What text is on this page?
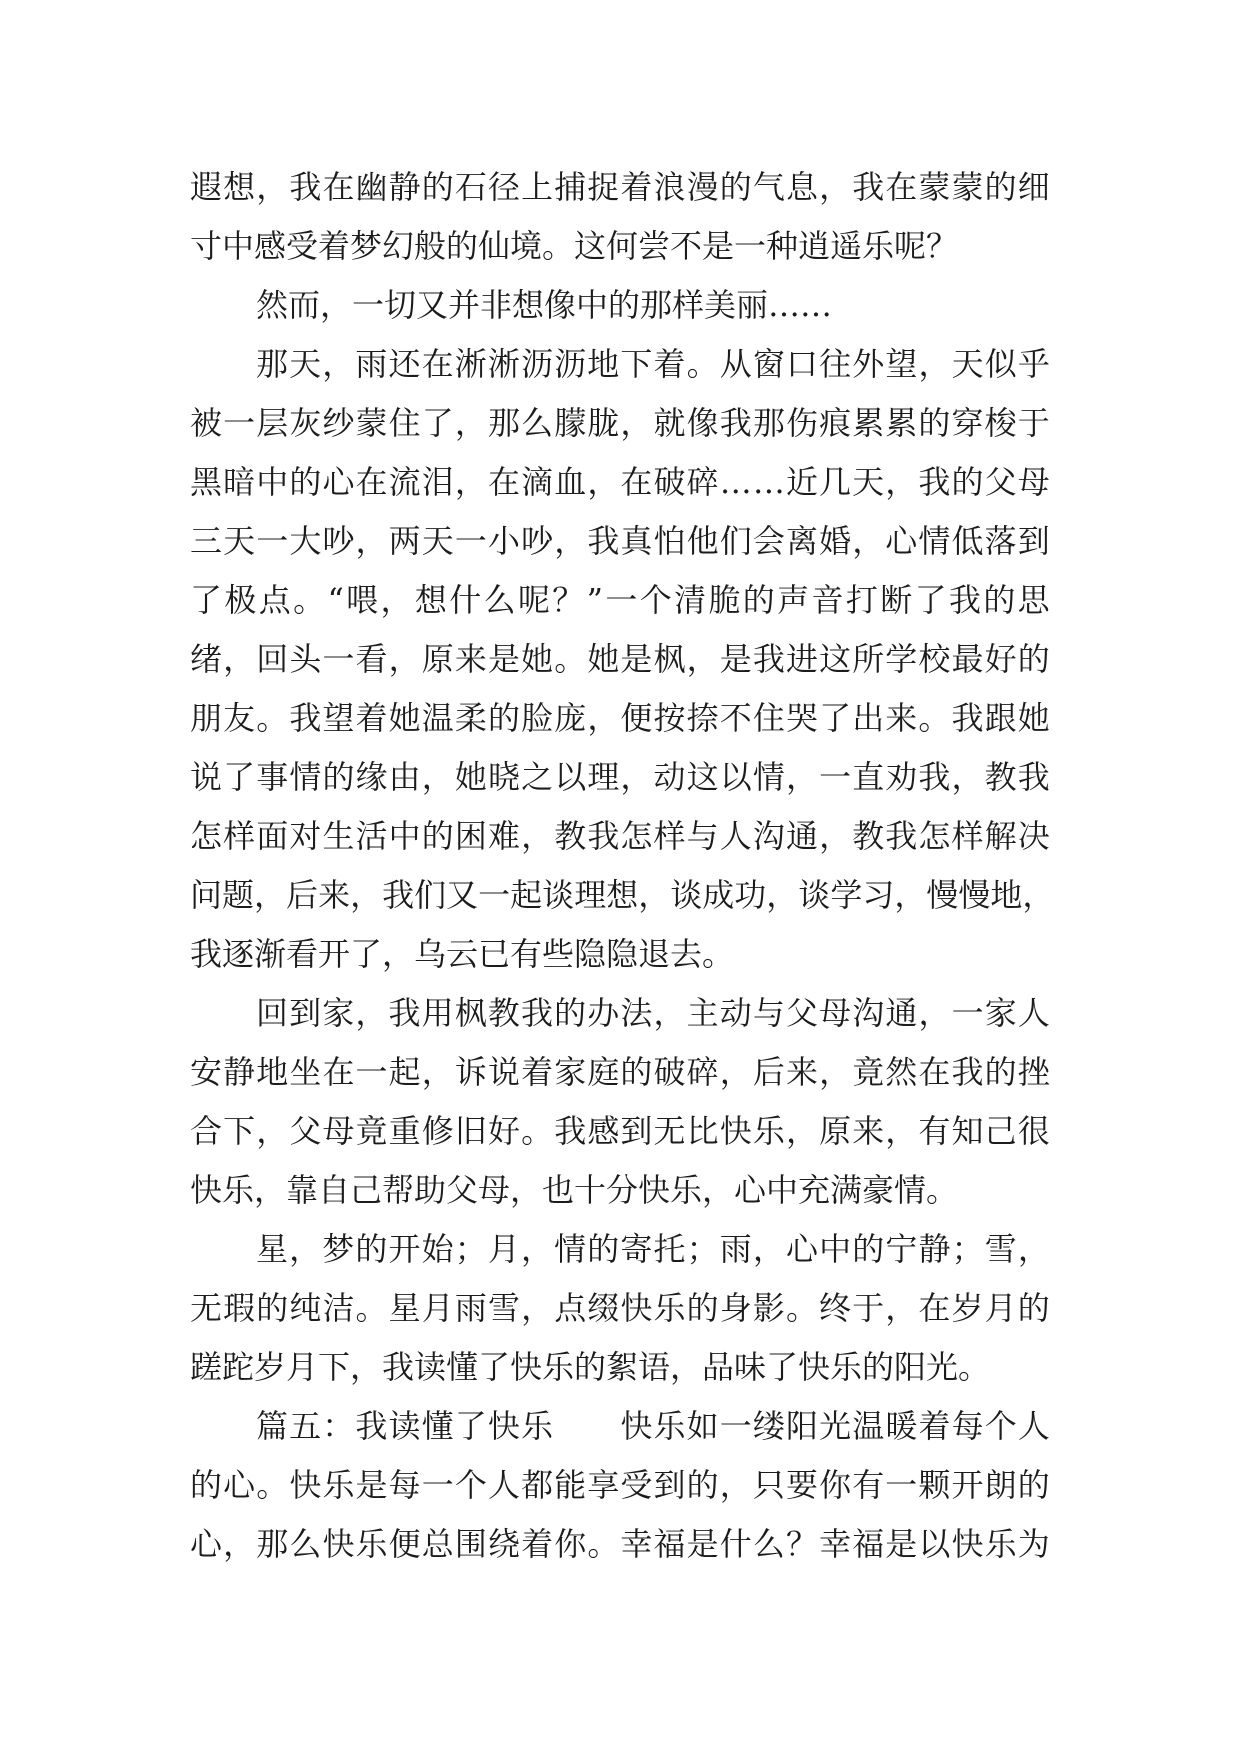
遐 想 ， 我 在 幽 静 的 石 径 上 捕 捉 着 浪 漫 的 气 息 ， 我 在 蒙 蒙 的 细
寸中感受着梦幻般的仙境。这何尝不是一种逍遥乐呢？
然而，一切又并非想像中的那样美丽……
那 天 ， 雨 还 在 淅 淅 沥 沥 地 下 着 。 从 窗 口 往 外 望 ， 天 似 乎
被 一 层 灰 纱 蒙 住 了 ， 那 么 朦 胧 ， 就 像 我 那 伤 痕 累 累 的 穿 梭 于
黑 暗 中 的 心 在 流 泪 ， 在 滴 血 ， 在 破 碎 … … 近 几 天 ， 我 的 父 母
三 天 一 大 吵 ， 两 天 一 小 吵 ， 我 真 怕 他 们 会 离 婚 ， 心 情 低 落 到
了 极 点 。 “ 喂 ， 想 什 么 呢 ？ ” 一 个 清 脆 的 声 音 打 断 了 我 的 思
绪 ， 回 头 一 看 ， 原 来 是 她 。 她 是 枫 ， 是 我 进 这 所 学 校 最 好 的
朋 友 。 我 望 着 她 温 柔 的 脸 庞 ， 便 按 捺 不 住 哭 了 出 来 。 我 跟 她
说 了 事 情 的 缘 由 ， 她 晓 之 以 理 ， 动 这 以 情 ， 一 直 劝 我 ， 教 我
怎 样 面 对 生 活 中 的 困 难 ， 教 我 怎 样 与 人 沟 通 ， 教 我 怎 样 解 决
问 题 ， 后 来 ， 我 们 又 一 起 谈 理 想 ， 谈 成 功 ， 谈 学 习 ， 慢 慢 地 ，
我逐渐看开了，乌云已有些隐隐退去。
回 到 家 ， 我 用 枫 教 我 的 办 法 ， 主 动 与 父 母 沟 通 ， 一 家 人
安 静 地 坐 在 一 起 ， 诉 说 着 家 庭 的 破 碎 ， 后 来 ， 竟 然 在 我 的 挫
合 下 ， 父 母 竟 重 修 旧 好 。 我 感 到 无 比 快 乐 ， 原 来 ， 有 知 己 很
快乐，靠自己帮助父母，也十分快乐，心中充满豪情。
星 ， 梦 的 开 始 ； 月 ， 情 的 寄 托 ； 雨 ， 心 中 的 宁 静 ； 雪 ，
无 瑕 的 纯 洁 。 星 月 雨 雪 ， 点 缀 快 乐 的 身 影 。 终 于 ， 在 岁 月 的
蹉跎岁月下，我读懂了快乐的絮语，品味了快乐的阳光。
篇 五 ： 我 读 懂 了 快 乐

　 快 乐 如 一 缕 阳 光 温 暖 着 每 个 人
的 心 。 快 乐 是 每 一 个 人 都 能 享 受 到 的 ， 只 要 你 有 一 颗 开 朗 的
心 ， 那 么 快 乐 便 总 围 绕 着 你 。 幸 福 是 什 么 ？ 幸 福 是 以 快 乐 为
